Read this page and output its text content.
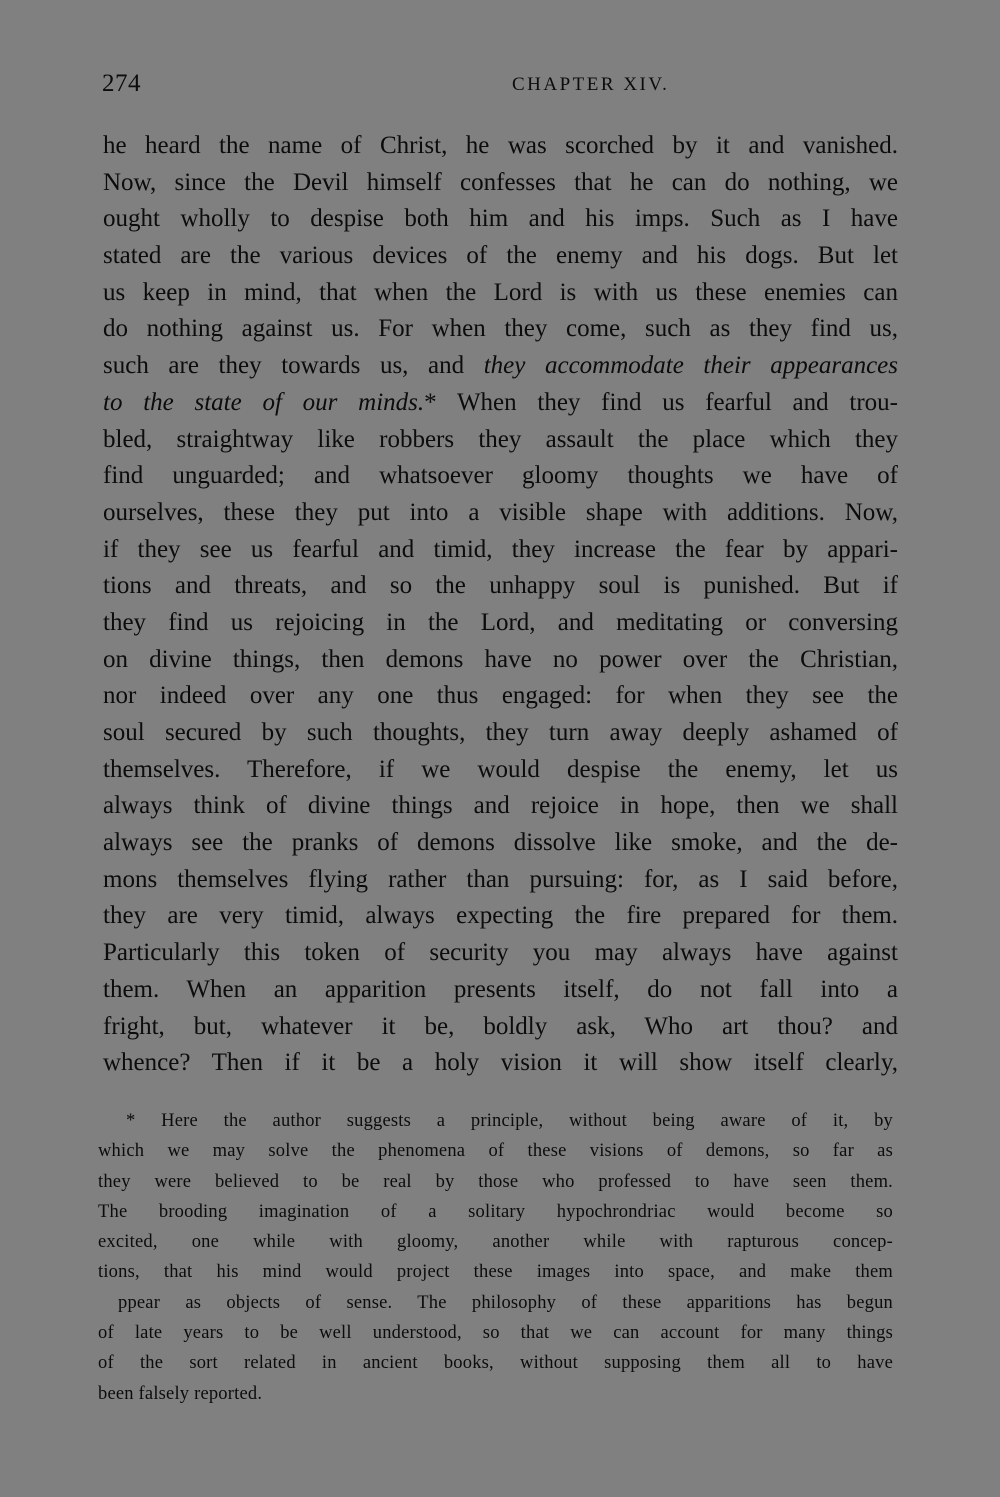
274	CHAPTER XIV.
he heard the name of Christ, he was scorched by it and vanished.
Now, since the Devil himself confesses that he can do nothing, we
ought wholly to despise both him and his imps. Such as I have
stated are the various devices of the enemy and his dogs. But let
us keep in mind, that when the Lord is with us these enemies can
do nothing against us. For when they come, such as they find us,
such are they towards us, and they accommodate their appearances
to the state of our minds.* When they find us fearful and trou-
bled, straightway like robbers they assault the place which they
find unguarded; and whatsoever gloomy thoughts we have of
ourselves, these they put into a visible shape with additions. Now,
if they see us fearful and timid, they increase the fear by appari-
tions and threats, and so the unhappy soul is punished. But if
they find us rejoicing in the Lord, and meditating or conversing
on divine things, then demons have no power over the Christian,
nor indeed over any one thus engaged: for when they see the
soul secured by such thoughts, they turn away deeply ashamed of
themselves. Therefore, if we would despise the enemy, let us
always think of divine things and rejoice in hope, then we shall
always see the pranks of demons dissolve like smoke, and the de-
mons themselves flying rather than pursuing: for, as I said before,
they are very timid, always expecting the fire prepared for them.
Particularly this token of security you may always have against
them. When an apparition presents itself, do not fall into a
fright, but, whatever it be, boldly ask, Who art thou? and
whence? Then if it be a holy vision it will show itself clearly,
* Here the author suggests a principle, without being aware of it, by
which we may solve the phenomena of these visions of demons, so far as
they were believed to be real by those who professed to have seen them.
The brooding imagination of a solitary hypochrondriac would become so
excited, one while with gloomy, another while with rapturous concep-
tions, that his mind would project these images into space, and make them
ppear as objects of sense. The philosophy of these apparitions has begun
of late years to be well understood, so that we can account for many things
of the sort related in ancient books, without supposing them all to have
been falsely reported.
